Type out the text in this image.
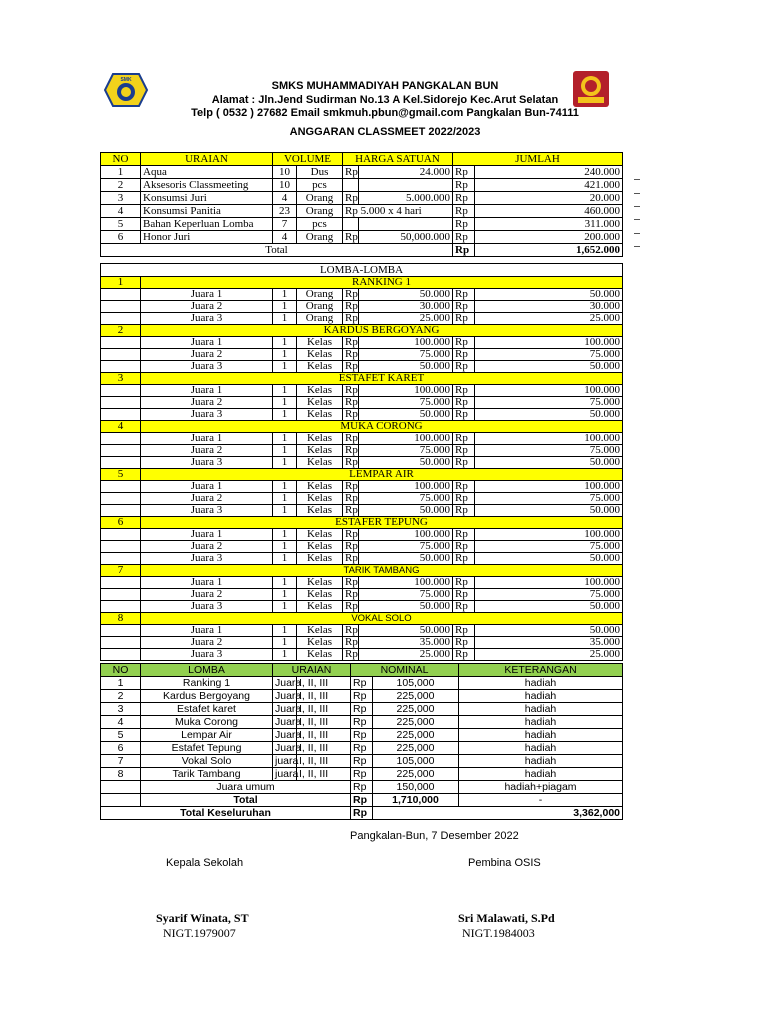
SMK	SMKS MUHAMMADIYAH PANGKALAN BUN
Alamat : Jln.Jend Sudirman No.13 A Kel.Sidorejo Kec.Arut Selatan
Telp ( 0532 ) 27682 Email smkmuh.pbun@gmail.com Pangkalan Bun-74111
ANGGARAN CLASSMEET 2022/2023
NO	URAIAN	VOLUME		HARGA SATUAN		JUMLAH	
1	Aqua	10	Dus	Rp	24.000	Rp	240.000
2	Aksesoris Classmeeting	10	pcs			Rp	421.000
3	Konsumsi Juri	4	Orang	Rp	5.000.000	Rp	20.000
4	Konsumsi Panitia	23	Orang	Rp 5.000 x 4 hari		Rp	460.000
5	Bahan Keperluan Lomba	7	pcs			Rp	311.000
6	Honor Juri	4	Orang	Rp	50,000.000	Rp	200.000
Total						Rp	1,652.000
LOMBA-LOMBA							
1	RANKING 1						
	Juara 1	1	Orang	Rp	50.000	Rp	50.000
	Juara 2	1	Orang	Rp	30.000	Rp	30.000
	Juara 3	1	Orang	Rp	25.000	Rp	25.000
2	KARDUS BERGOYANG						
	Juara 1	1	Kelas	Rp	100.000	Rp	100.000
	Juara 2	1	Kelas	Rp	75.000	Rp	75.000
	Juara 3	1	Kelas	Rp	50.000	Rp	50.000
3	ESTAFET KARET						
	Juara 1	1	Kelas	Rp	100.000	Rp	100.000
	Juara 2	1	Kelas	Rp	75.000	Rp	75.000
	Juara 3	1	Kelas	Rp	50.000	Rp	50.000
4	MUKA CORONG						
	Juara 1	1	Kelas	Rp	100.000	Rp	100.000
	Juara 2	1	Kelas	Rp	75.000	Rp	75.000
	Juara 3	1	Kelas	Rp	50.000	Rp	50.000
5	LEMPAR AIR						
	Juara 1	1	Kelas	Rp	100.000	Rp	100.000
	Juara 2	1	Kelas	Rp	75.000	Rp	75.000
	Juara 3	1	Kelas	Rp	50.000	Rp	50.000
6	ESTAFER TEPUNG						
	Juara 1	1	Kelas	Rp	100.000	Rp	100.000
	Juara 2	1	Kelas	Rp	75.000	Rp	75.000
	Juara 3	1	Kelas	Rp	50.000	Rp	50.000
7	TARIK TAMBANG						
	Juara 1	1	Kelas	Rp	100.000	Rp	100.000
	Juara 2	1	Kelas	Rp	75.000	Rp	75.000
	Juara 3	1	Kelas	Rp	50.000	Rp	50.000
8	VOKAL SOLO						
	Juara 1	1	Kelas	Rp	50.000	Rp	50.000
	Juara 2	1	Kelas	Rp	35.000	Rp	35.000
	Juara 3	1	Kelas	Rp	25.000	Rp	25.000
NO	LOMBA	URAIAN		NOMINAL		KETERANGAN
1	Ranking 1	Juara	I, II, III	Rp	105,000	hadiah
2	Kardus Bergoyang	Juara	I, II, III	Rp	225,000	hadiah
3	Estafet karet	Juara	I, II, III	Rp	225,000	hadiah
4	Muka Corong	Juara	I, II, III	Rp	225,000	hadiah
5	Lempar Air	Juara	I, II, III	Rp	225,000	hadiah
6	Estafet Tepung	Juara	I, II, III	Rp	225,000	hadiah
7	Vokal Solo	juara	I, II, III	Rp	105,000	hadiah
8	Tarik Tambang	juara	I, II, III	Rp	225,000	hadiah
	Juara umum			Rp	150,000	hadiah+piagam
	Total			Rp	1,710,000	-
Total Keseluruhan				Rp	3,362,000	
Pangkalan-Bun, 7 Desember 2022
Kepala Sekolah	Pembina OSIS
Syarif Winata, ST
NIGT.1979007
Sri Malawati, S.Pd
NIGT.1984003
